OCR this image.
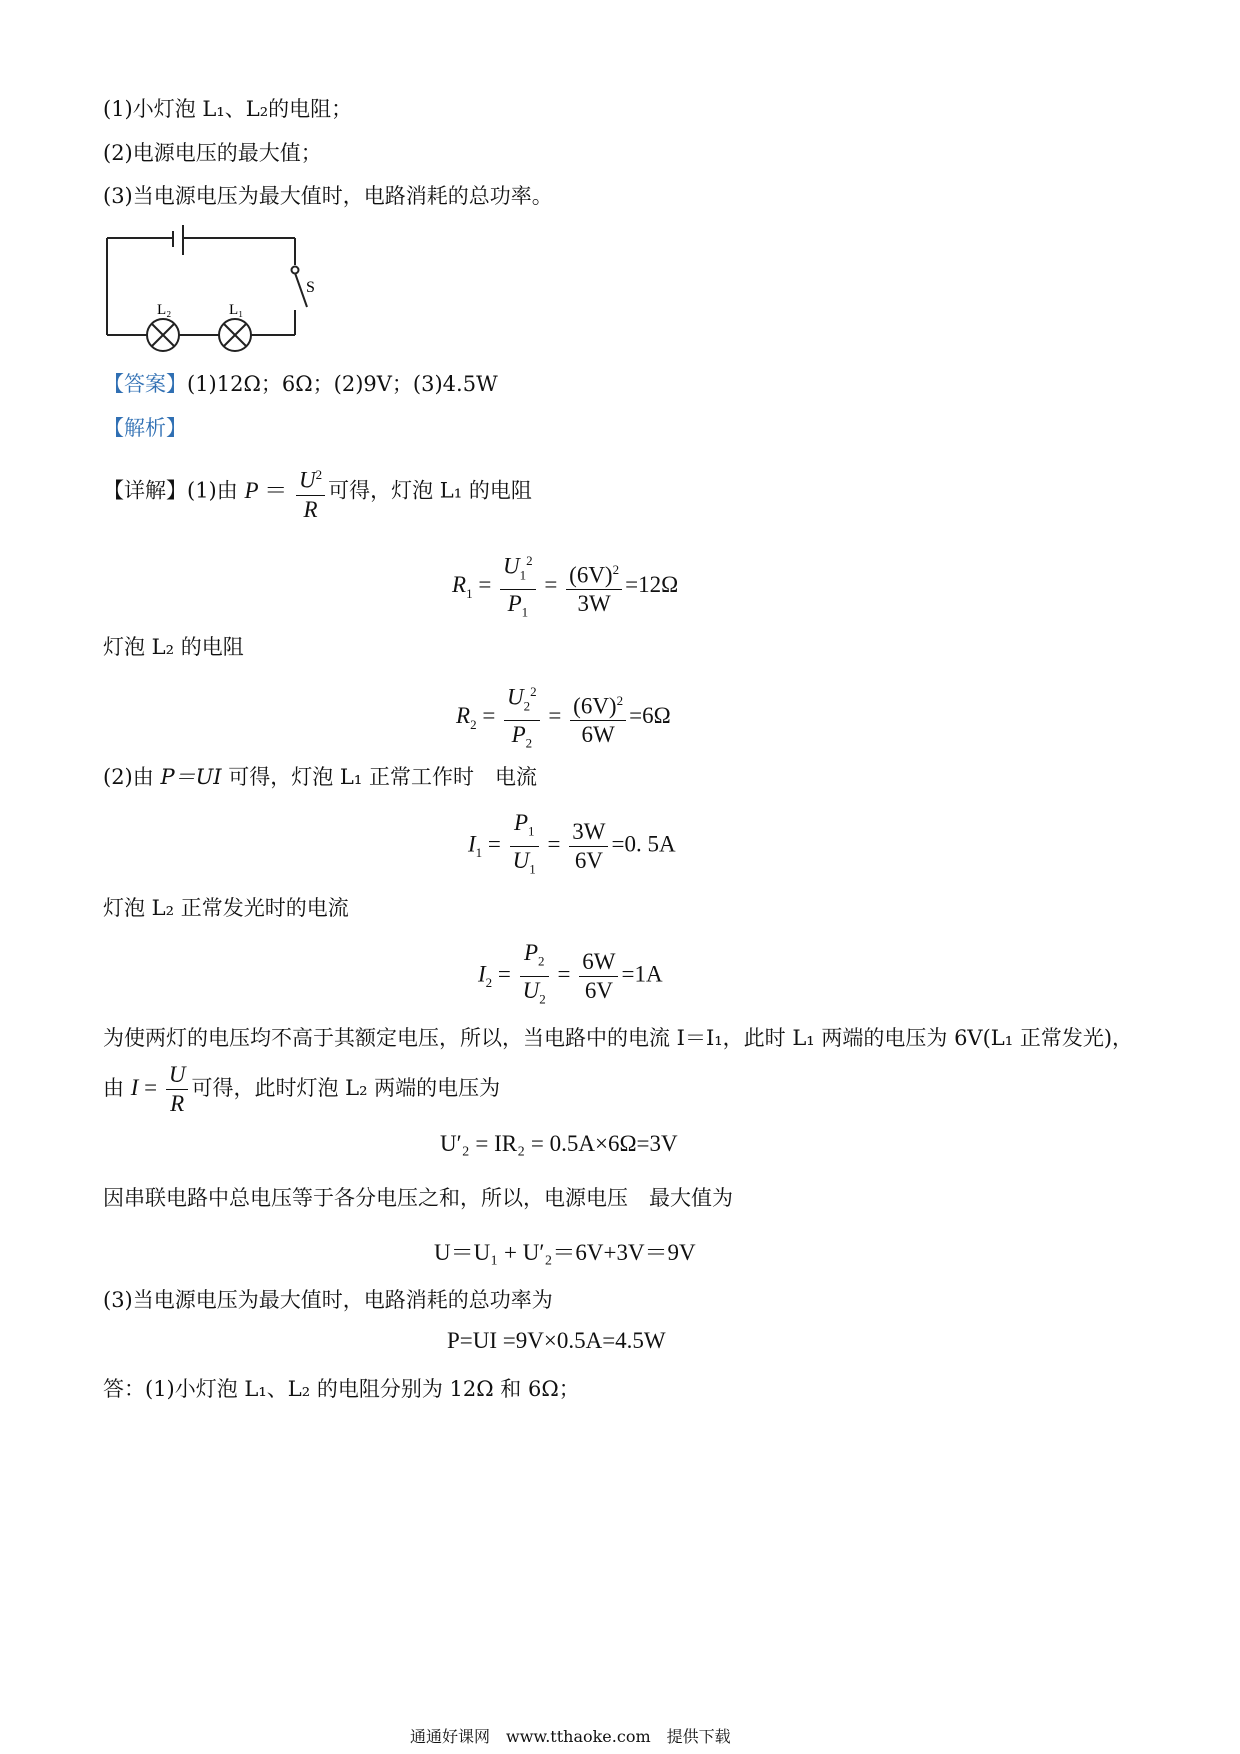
(1)小灯泡 L₁、L₂的电阻；
(2)电源电压的最大值；
(3)当电源电压为最大值时，电路消耗的总功率。
S
L₂	L₁
【答案】(1)12Ω；6Ω；(2)9V；(3)4.5W
【解析】
【详解】(1)由 $P = \frac{U^2}{R}$ 可得，灯泡 L₁ 的电阻
$R_1 = \frac{U_1^2}{P_1} = \frac{(6V)^2}{3W} =12\Omega$
灯泡 L₂ 的电阻
$R_2 = \frac{U_2^2}{P_2} = \frac{(6V)^2}{6W} =6\Omega$
(2)由 P＝UI 可得，灯泡 L₁ 正常工作时　电流
$I_1 = \frac{P_1}{U_1} = \frac{3W}{6V} =0$. 5A
灯泡 L₂ 正常发光时的电流
$I_2 = \frac{P_2}{U_2} = \frac{6W}{6V} =1A$
为使两灯的电压均不高于其额定电压，所以，当电路中的电流 I＝I₁，此时 L₁ 两端的电压为 6V(L₁ 正常发光)，
由 $I = \frac{U}{R}$ 可得，此时灯泡 L₂ 两端的电压为
U′₂ = IR₂ = 0.5A×6Ω=3V
因串联电路中总电压等于各分电压之和，所以，电源电压　最大值为
U＝U₁ + U′₂＝6V+3V＝9V
(3)当电源电压为最大值时，电路消耗的总功率为
P=UI =9V×0.5A=4.5W
答：(1)小灯泡 L₁、L₂ 的电阻分别为 12Ω 和 6Ω；
通通好课网　www.tthaoke.com　提供下载
